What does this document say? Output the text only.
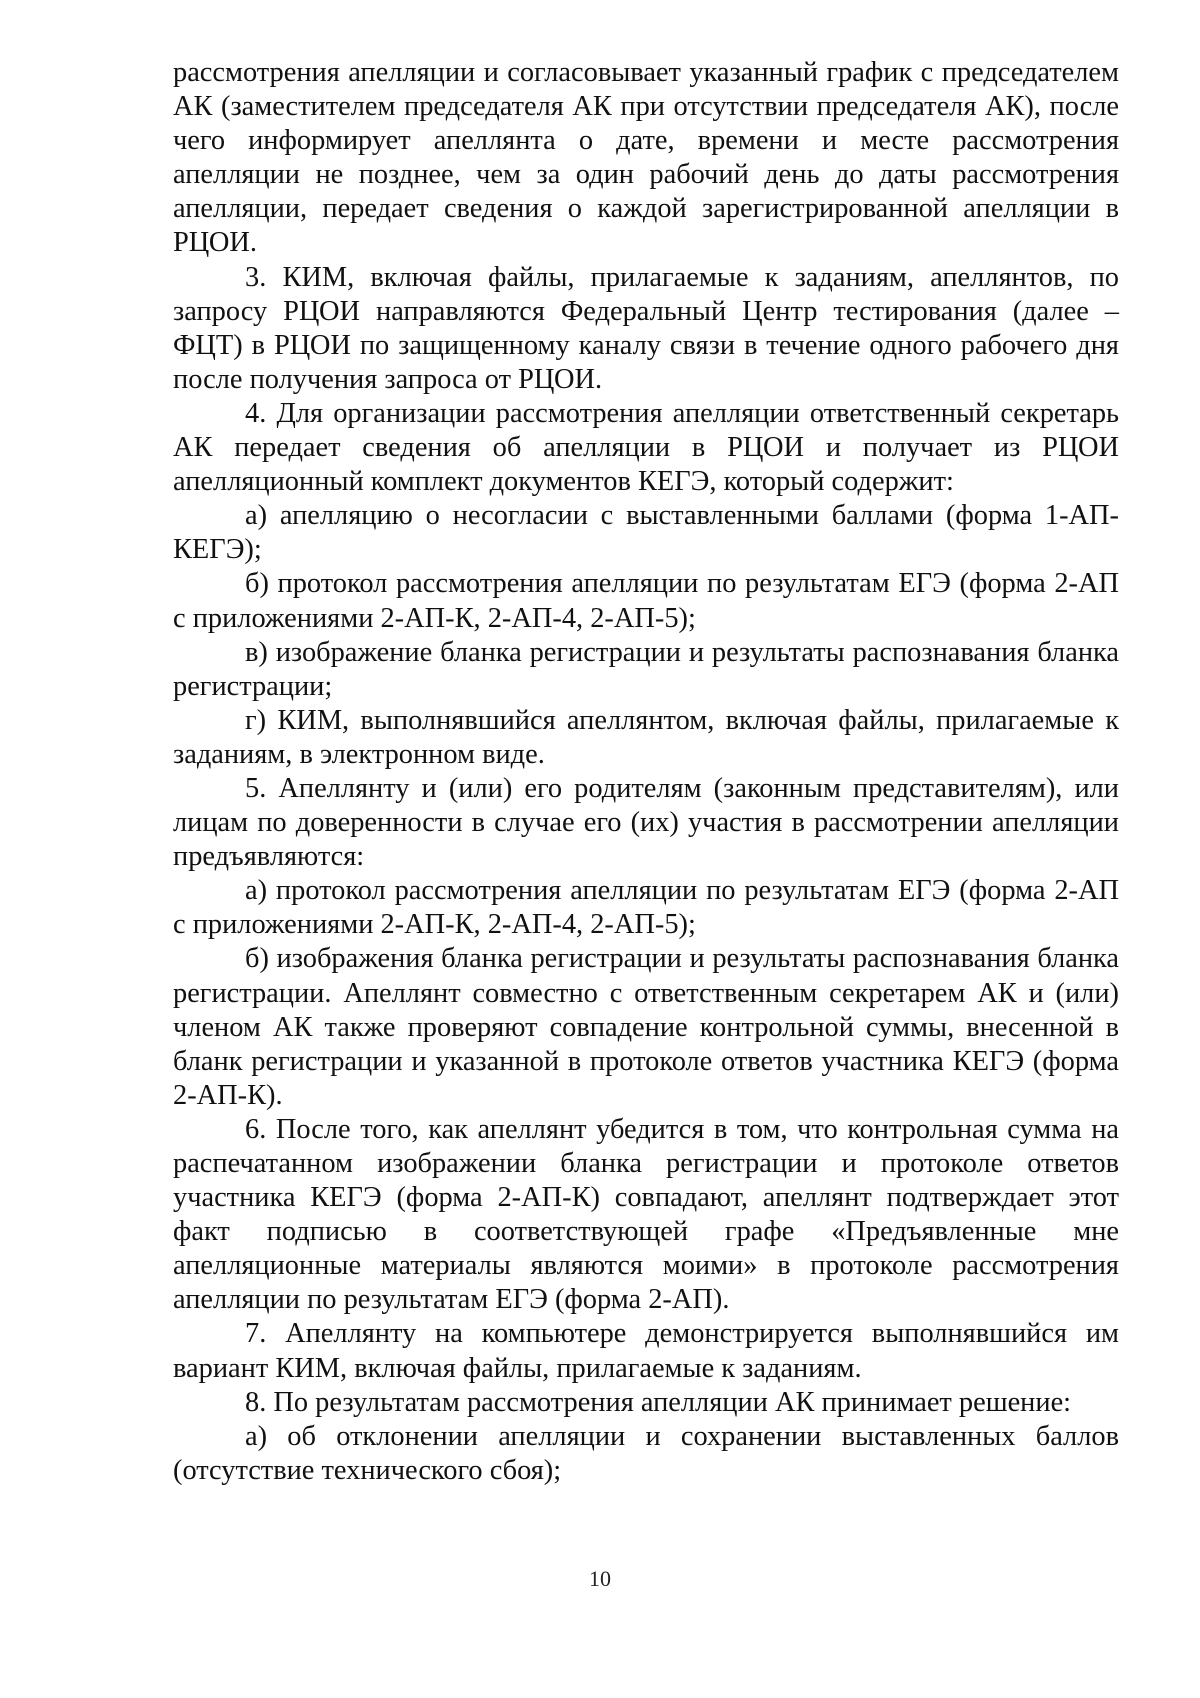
рассмотрения апелляции и согласовывает указанный график с председателем АК (заместителем председателя АК при отсутствии председателя АК), после чего информирует апеллянта о дате, времени и месте рассмотрения апелляции не позднее, чем за один рабочий день до даты рассмотрения апелляции, передает сведения о каждой зарегистрированной апелляции в РЦОИ.

3. КИМ, включая файлы, прилагаемые к заданиям, апеллянтов, по запросу РЦОИ направляются Федеральный Центр тестирования (далее – ФЦТ) в РЦОИ по защищенному каналу связи в течение одного рабочего дня после получения запроса от РЦОИ.

4. Для организации рассмотрения апелляции ответственный секретарь АК передает сведения об апелляции в РЦОИ и получает из РЦОИ апелляционный комплект документов КЕГЭ, который содержит:

а) апелляцию о несогласии с выставленными баллами (форма 1-АП-КЕГЭ);

б) протокол рассмотрения апелляции по результатам ЕГЭ (форма 2-АП с приложениями 2-АП-К, 2-АП-4, 2-АП-5);

в) изображение бланка регистрации и результаты распознавания бланка регистрации;

г) КИМ, выполнявшийся апеллянтом, включая файлы, прилагаемые к заданиям, в электронном виде.

5. Апеллянту и (или) его родителям (законным представителям), или лицам по доверенности в случае его (их) участия в рассмотрении апелляции предъявляются:

а) протокол рассмотрения апелляции по результатам ЕГЭ (форма 2-АП с приложениями 2-АП-К, 2-АП-4, 2-АП-5);

б) изображения бланка регистрации и результаты распознавания бланка регистрации. Апеллянт совместно с ответственным секретарем АК и (или) членом АК также проверяют совпадение контрольной суммы, внесенной в бланк регистрации и указанной в протоколе ответов участника КЕГЭ (форма 2-АП-К).

6. После того, как апеллянт убедится в том, что контрольная сумма на распечатанном изображении бланка регистрации и протоколе ответов участника КЕГЭ (форма 2-АП-К) совпадают, апеллянт подтверждает этот факт подписью в соответствующей графе «Предъявленные мне апелляционные материалы являются моими» в протоколе рассмотрения апелляции по результатам ЕГЭ (форма 2-АП).

7. Апеллянту на компьютере демонстрируется выполнявшийся им вариант КИМ, включая файлы, прилагаемые к заданиям.

8. По результатам рассмотрения апелляции АК принимает решение:

а) об отклонении апелляции и сохранении выставленных баллов (отсутствие технического сбоя);

10
